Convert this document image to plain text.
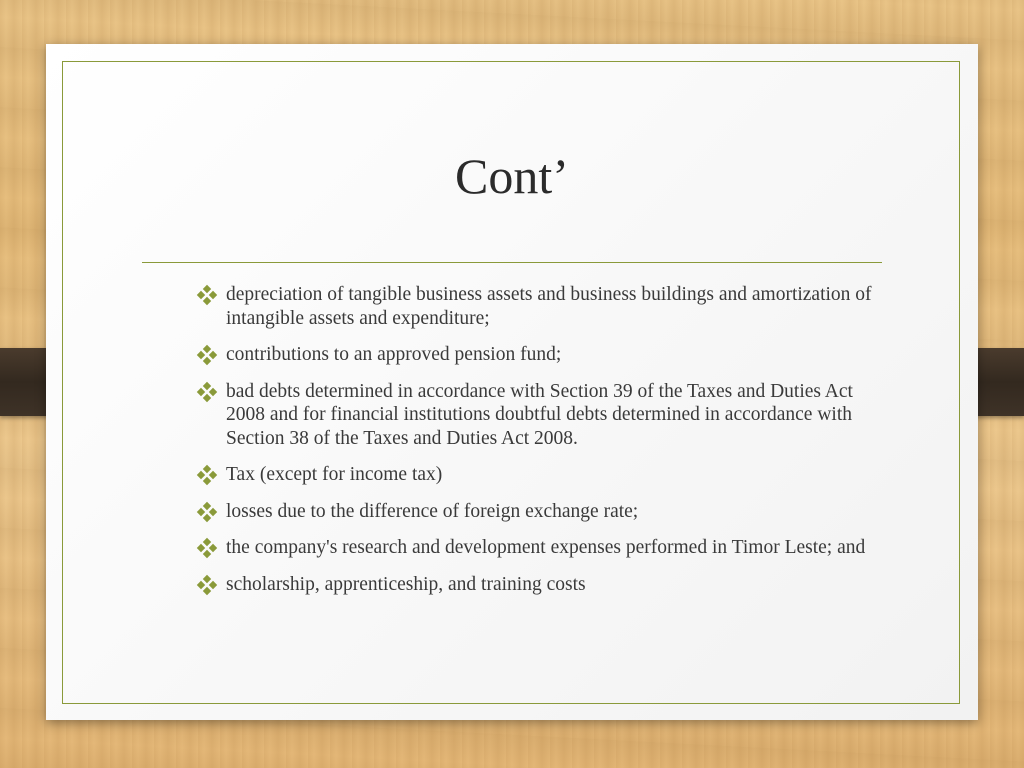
Cont’
depreciation of tangible business assets and business buildings and amortization of intangible assets and expenditure;
contributions to an approved pension fund;
bad debts determined in accordance with Section 39 of the Taxes and Duties Act 2008 and for financial institutions doubtful debts determined in accordance with Section 38 of the Taxes and Duties Act 2008.
Tax (except for income tax)
losses due to the difference of foreign exchange rate;
the company's research and development expenses performed in Timor Leste; and
scholarship, apprenticeship, and training costs
